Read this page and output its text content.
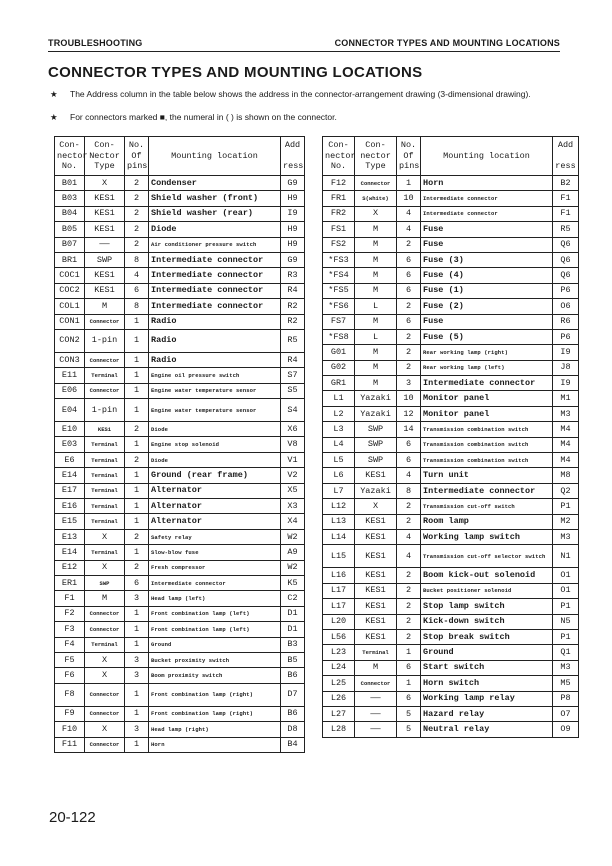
TROUBLESHOOTING	CONNECTOR TYPES AND MOUNTING LOCATIONS
CONNECTOR TYPES AND MOUNTING LOCATIONS
★	The Address column in the table below shows the address in the connector-arrangement drawing (3-dimensional drawing).
★	For connectors marked ■, the numeral in ( ) is shown on the connector.
Con-
nector
No.	Con-
Nector
Type	No.
Of
pins	Mounting location	Add

ress
B01	X	2	Condenser	G9
B03	KES1	2	Shield washer (front)	H9
B04	KES1	2	Shield washer (rear)	I9
B05	KES1	2	Diode	H9
B07	——	2	Air conditioner pressure switch	H9
BR1	SWP	8	Intermediate connector	G9
COC1	KES1	4	Intermediate connector	R3
COC2	KES1	6	Intermediate connector	R4
COL1	M	8	Intermediate connector	R2
CON1	Connector	1	Radio	R2
CON2	1-pin	1	Radio	R5
CON3	Connector	1	Radio	R4
E11	Terminal	1	Engine oil pressure switch	S7
E06	Connector	1	Engine water temperature sensor	S5
E04	1-pin	1	Engine water temperature sensor	S4
E10	KES1	2	Diode	X6
E03	Terminal	1	Engine stop solenoid	V8
E6	Terminal	2	Diode	V1
E14	Terminal	1	Ground (rear frame)	V2
E17	Terminal	1	Alternator	X5
E16	Terminal	1	Alternator	X3
E15	Terminal	1	Alternator	X4
E13	X	2	Safety relay	W2
E14	Terminal	1	Slow-blow fuse	A9
E12	X	2	Fresh compressor	W2
ER1	SWP	6	Intermediate connector	K5
F1	M	3	Head lamp (left)	C2
F2	Connector	1	Front combination lamp (left)	D1
F3	Connector	1	Front combination lamp (left)	D1
F4	Terminal	1	Ground	B3
F5	X	3	Bucket proximity switch	B5
F6	X	3	Boom proximity switch	B6
F8	Connector	1	Front combination lamp (right)	D7
F9	Connector	1	Front combination lamp (right)	B6
F10	X	3	Head lamp (right)	D8
F11	Connector	1	Horn	B4
Con-
nector
No.	Con-
nector
Type	No.
Of
pins	Mounting location	Add

ress
F12	Connector	1	Horn	B2
FR1	S(white)	10	Intermediate connector	F1
FR2	X	4	Intermediate connector	F1
FS1	M	4	Fuse	R5
FS2	M	2	Fuse	Q6
*FS3	M	6	Fuse (3)	Q6
*FS4	M	6	Fuse (4)	Q6
*FS5	M	6	Fuse (1)	P6
*FS6	L	2	Fuse (2)	O6
FS7	M	6	Fuse	R6
*FS8	L	2	Fuse (5)	P6
G01	M	2	Rear working lamp (right)	I9
G02	M	2	Rear working lamp (left)	J8
GR1	M	3	Intermediate connector	I9
L1	Yazaki	10	Monitor panel	M1
L2	Yazaki	12	Monitor panel	M3
L3	SWP	14	Transmission combination switch	M4
L4	SWP	6	Transmission combination switch	M4
L5	SWP	6	Transmission combination switch	M4
L6	KES1	4	Turn unit	M8
L7	Yazaki	8	Intermediate connector	Q2
L12	X	2	Transmission cut-off switch	P1
L13	KES1	2	Room lamp	M2
L14	KES1	4	Working lamp switch	M3
L15	KES1	4	Transmission cut-off selector switch	N1
L16	KES1	2	Boom kick-out solenoid	O1
L17	KES1	2	Bucket positioner solenoid	O1
L17	KES1	2	Stop lamp switch	P1
L20	KES1	2	Kick-down switch	N5
L56	KES1	2	Stop break switch	P1
L23	Terminal	1	Ground	Q1
L24	M	6	Start switch	M3
L25	Connector	1	Horn switch	M5
L26	——	6	Working lamp relay	P8
L27	——	5	Hazard relay	O7
L28	——	5	Neutral relay	O9
20-122
